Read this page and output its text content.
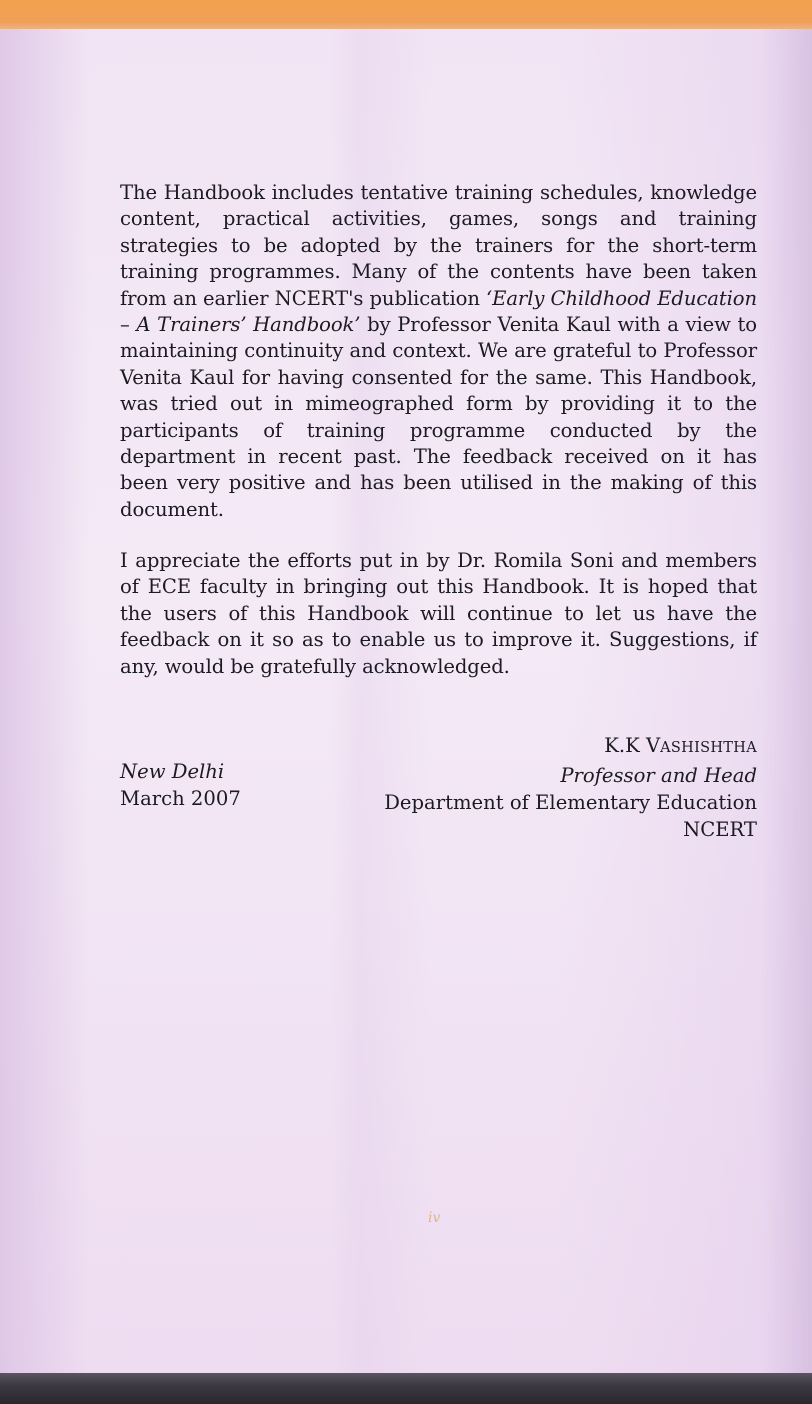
The Handbook includes tentative training schedules, knowledge content, practical activities, games, songs and training strategies to be adopted by the trainers for the short-term training programmes. Many of the contents have been taken from an earlier NCERT's publication ‘Early Childhood Education – A Trainers’ Handbook’ by Professor Venita Kaul with a view to maintaining continuity and context. We are grateful to Professor Venita Kaul for having consented for the same. This Handbook, was tried out in mimeographed form by providing it to the participants of training programme conducted by the department in recent past. The feedback received on it has been very positive and has been utilised in the making of this document.
I appreciate the efforts put in by Dr. Romila Soni and members of ECE faculty in bringing out this Handbook. It is hoped that the users of this Handbook will continue to let us have the feedback on it so as to enable us to improve it. Suggestions, if any, would be gratefully acknowledged.
New Delhi
March 2007
K.K VASHISHTHA
Professor and Head
Department of Elementary Education
NCERT
iv
